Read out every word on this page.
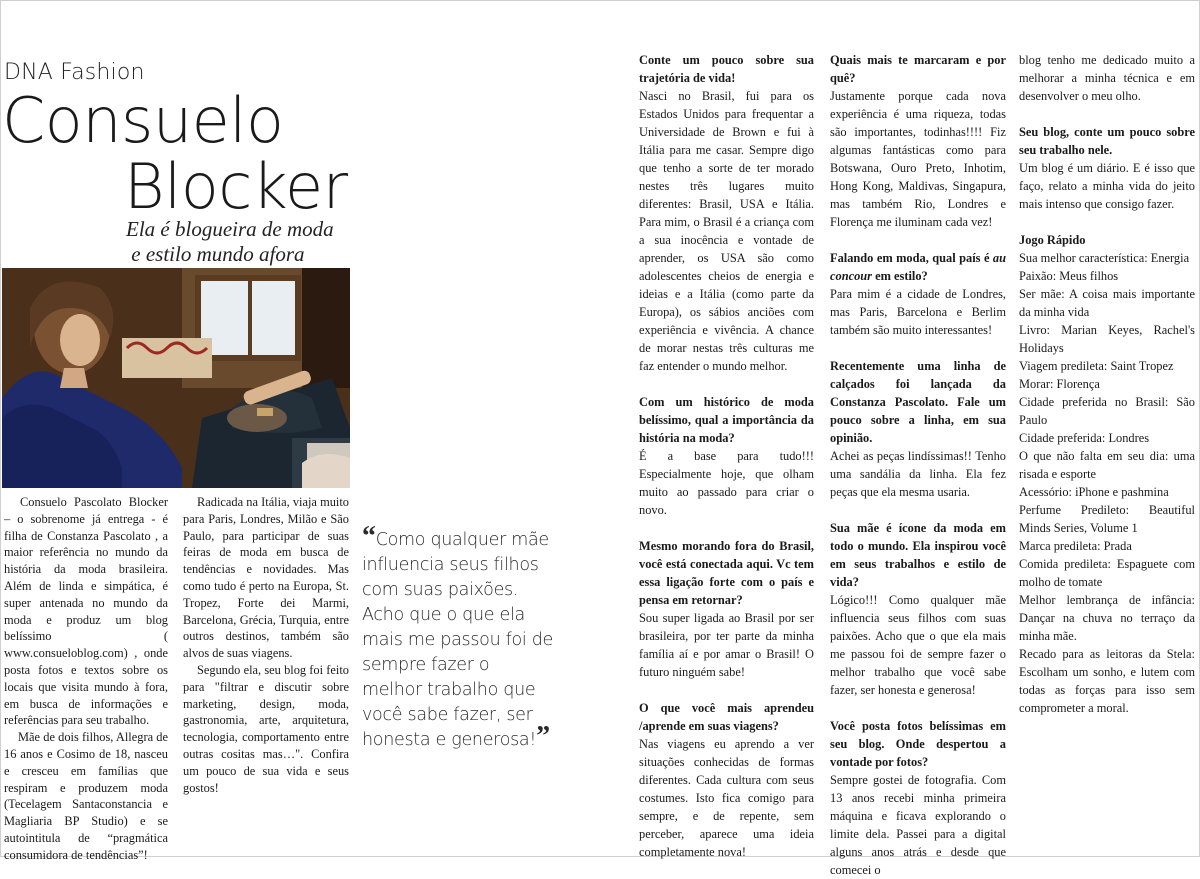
DNA Fashion
Consuelo
Blocker
Ela é blogueira de moda
e estilo mundo afora

Consuelo Pascolato Blocker – o sobrenome já entrega - é filha de Constanza Pascolato , a maior referência no mundo da história da moda brasileira. Além de linda e simpática, é super antenada no mundo da moda e produz um blog belíssimo ( www.consueloblog.com) , onde posta fotos e textos sobre os locais que visita mundo à fora, em busca de informações e referências para seu trabalho.

Mãe de dois filhos, Allegra de 16 anos e Cosimo de 18, nasceu e cresceu em famílias que respiram e produzem moda (Tecelagem Santaconstancia e Magliaria BP Studio) e se autointitula de “pragmática consumidora de tendências”!

Radicada na Itália, viaja muito para Paris, Londres, Milão e São Paulo, para participar de suas feiras de moda em busca de tendências e novidades. Mas como tudo é perto na Europa, St. Tropez, Forte dei Marmi, Barcelona, Grécia, Turquia, entre outros destinos, também são alvos de suas viagens.

Segundo ela, seu blog foi feito para "filtrar e discutir sobre marketing, design, moda, gastronomia, arte, arquitetura, tecnologia, comportamento entre outras cositas mas…". Confira um pouco de sua vida e seus gostos!

“Como qualquer mãe influencia seus filhos com suas paixões. Acho que o que ela mais me passou foi de sempre fazer o melhor trabalho que você sabe fazer, ser honesta e generosa!”

Conte um pouco sobre sua trajetória de vida!

Nasci no Brasil, fui para os Estados Unidos para frequentar a Universidade de Brown e fui à Itália para me casar. Sempre digo que tenho a sorte de ter morado nestes três lugares muito diferentes: Brasil, USA e Itália. Para mim, o Brasil é a criança com a sua inocência e vontade de aprender, os USA são como adolescentes cheios de energia e ideias e a Itália (como parte da Europa), os sábios anciões com experiência e vivência. A chance de morar nestas três culturas me faz entender o mundo melhor.

Com um histórico de moda belíssimo, qual a importância da história na moda?

É a base para tudo!!! Especialmente hoje, que olham muito ao passado para criar o novo.

Mesmo morando fora do Brasil, você está conectada aqui. Vc tem essa ligação forte com o país e pensa em retornar?

Sou super ligada ao Brasil por ser brasileira, por ter parte da minha família aí e por amar o Brasil! O futuro ninguém sabe!

O que você mais aprendeu /aprende em suas viagens?

Nas viagens eu aprendo a ver situações conhecidas de formas diferentes. Cada cultura com seus costumes. Isto fica comigo para sempre, e de repente, sem perceber, aparece uma ideia completamente nova!

Quais mais te marcaram e por quê?

Justamente porque cada nova experiência é uma riqueza, todas são importantes, todinhas!!!! Fiz algumas fantásticas como para Botswana, Ouro Preto, Inhotim, Hong Kong, Maldivas, Singapura, mas também Rio, Londres e Florença me iluminam cada vez!

Falando em moda, qual país é au concour em estilo?

Para mim é a cidade de Londres, mas Paris, Barcelona e Berlim também são muito interessantes!

Recentemente uma linha de calçados foi lançada da Constanza Pascolato. Fale um pouco sobre a linha, em sua opinião.

Achei as peças lindíssimas!! Tenho uma sandália da linha. Ela fez peças que ela mesma usaria.

Sua mãe é ícone da moda em todo o mundo. Ela inspirou você em seus trabalhos e estilo de vida?

Lógico!!! Como qualquer mãe influencia seus filhos com suas paixões. Acho que o que ela mais me passou foi de sempre fazer o melhor trabalho que você sabe fazer, ser honesta e generosa!

Você posta fotos belíssimas em seu blog. Onde despertou a vontade por fotos?

Sempre gostei de fotografia. Com 13 anos recebi minha primeira máquina e ficava explorando o limite dela. Passei para a digital alguns anos atrás e desde que comecei o

blog tenho me dedicado muito a melhorar a minha técnica e em desenvolver o meu olho.

Seu blog, conte um pouco sobre seu trabalho nele.

Um blog é um diário. E é isso que faço, relato a minha vida do jeito mais intenso que consigo fazer.

Jogo Rápido

Sua melhor característica: Energia

Paixão: Meus filhos

Ser mãe: A coisa mais importante da minha vida

Livro: Marian Keyes, Rachel's Holidays

Viagem predileta: Saint Tropez

Morar: Florença

Cidade preferida no Brasil: São Paulo

Cidade preferida: Londres

O que não falta em seu dia: uma risada e esporte

Acessório: iPhone e pashmina

Perfume Predileto: Beautiful Minds Series, Volume 1

Marca predileta: Prada

Comida predileta: Espaguete com molho de tomate

Melhor lembrança de infância: Dançar na chuva no terraço da minha mãe.

Recado para as leitoras da Stela: Escolham um sonho, e lutem com todas as forças para isso sem comprometer a moral.
